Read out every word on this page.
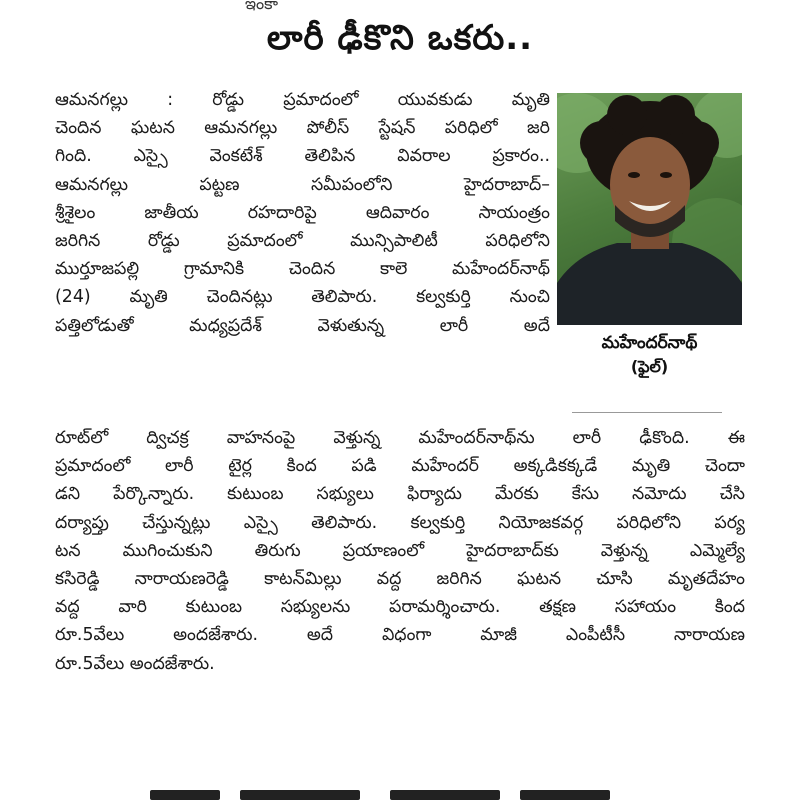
ఇంకా
లారీ ఢీకొని ఒకరు..
ఆమనగల్లు : రోడ్డు ప్రమాదంలో యువకుడు మృతి
చెందిన ఘటన ఆమనగల్లు పోలీస్ స్టేషన్ పరిధిలో జరి
గింది. ఎస్సై వెంకటేశ్ తెలిపిన వివరాల ప్రకారం..
ఆమనగల్లు పట్టణ సమీపంలోని హైదరాబాద్–
శ్రీశైలం జాతీయ రహదారిపై ఆదివారం సాయంత్రం
జరిగిన రోడ్డు ప్రమాదంలో మున్సిపాలిటీ పరిధిలోని
ముర్తూజపల్లి గ్రామానికి చెందిన కాలె మహేందర్‌నాథ్
(24) మృతి చెందినట్లు తెలిపారు. కల్వకుర్తి నుంచి
పత్తిలోడుతో మధ్యప్రదేశ్ వెళుతున్న లారీ అదే
మహేందర్‌నాథ్
(ఫైల్)
రూట్‌లో ద్విచక్ర వాహనంపై వెళ్తున్న మహేందర్‌నాథ్‌ను లారీ ఢీకొంది. ఈ
ప్రమాదంలో లారీ టైర్ల కింద పడి మహేందర్ అక్కడికక్కడే మృతి చెందా
డని పేర్కొన్నారు. కుటుంబ సభ్యులు ఫిర్యాదు మేరకు కేసు నమోదు చేసి
దర్యాప్తు చేస్తున్నట్లు ఎస్సై తెలిపారు. కల్వకుర్తి నియోజకవర్గ పరిధిలోని పర్య
టన ముగించుకుని తిరుగు ప్రయాణంలో హైదరాబాద్‌కు వెళ్తున్న ఎమ్మెల్యే
కసిరెడ్డి నారాయణరెడ్డి కాటన్‌మిల్లు వద్ద జరిగిన ఘటన చూసి మృతదేహం
వద్ద వారి కుటుంబ సభ్యులను పరామర్శించారు. తక్షణ సహాయం కింద
రూ.5వేలు అందజేశారు. అదే విధంగా మాజీ ఎంపీటీసీ నారాయణ
రూ.5వేలు అందజేశారు.
